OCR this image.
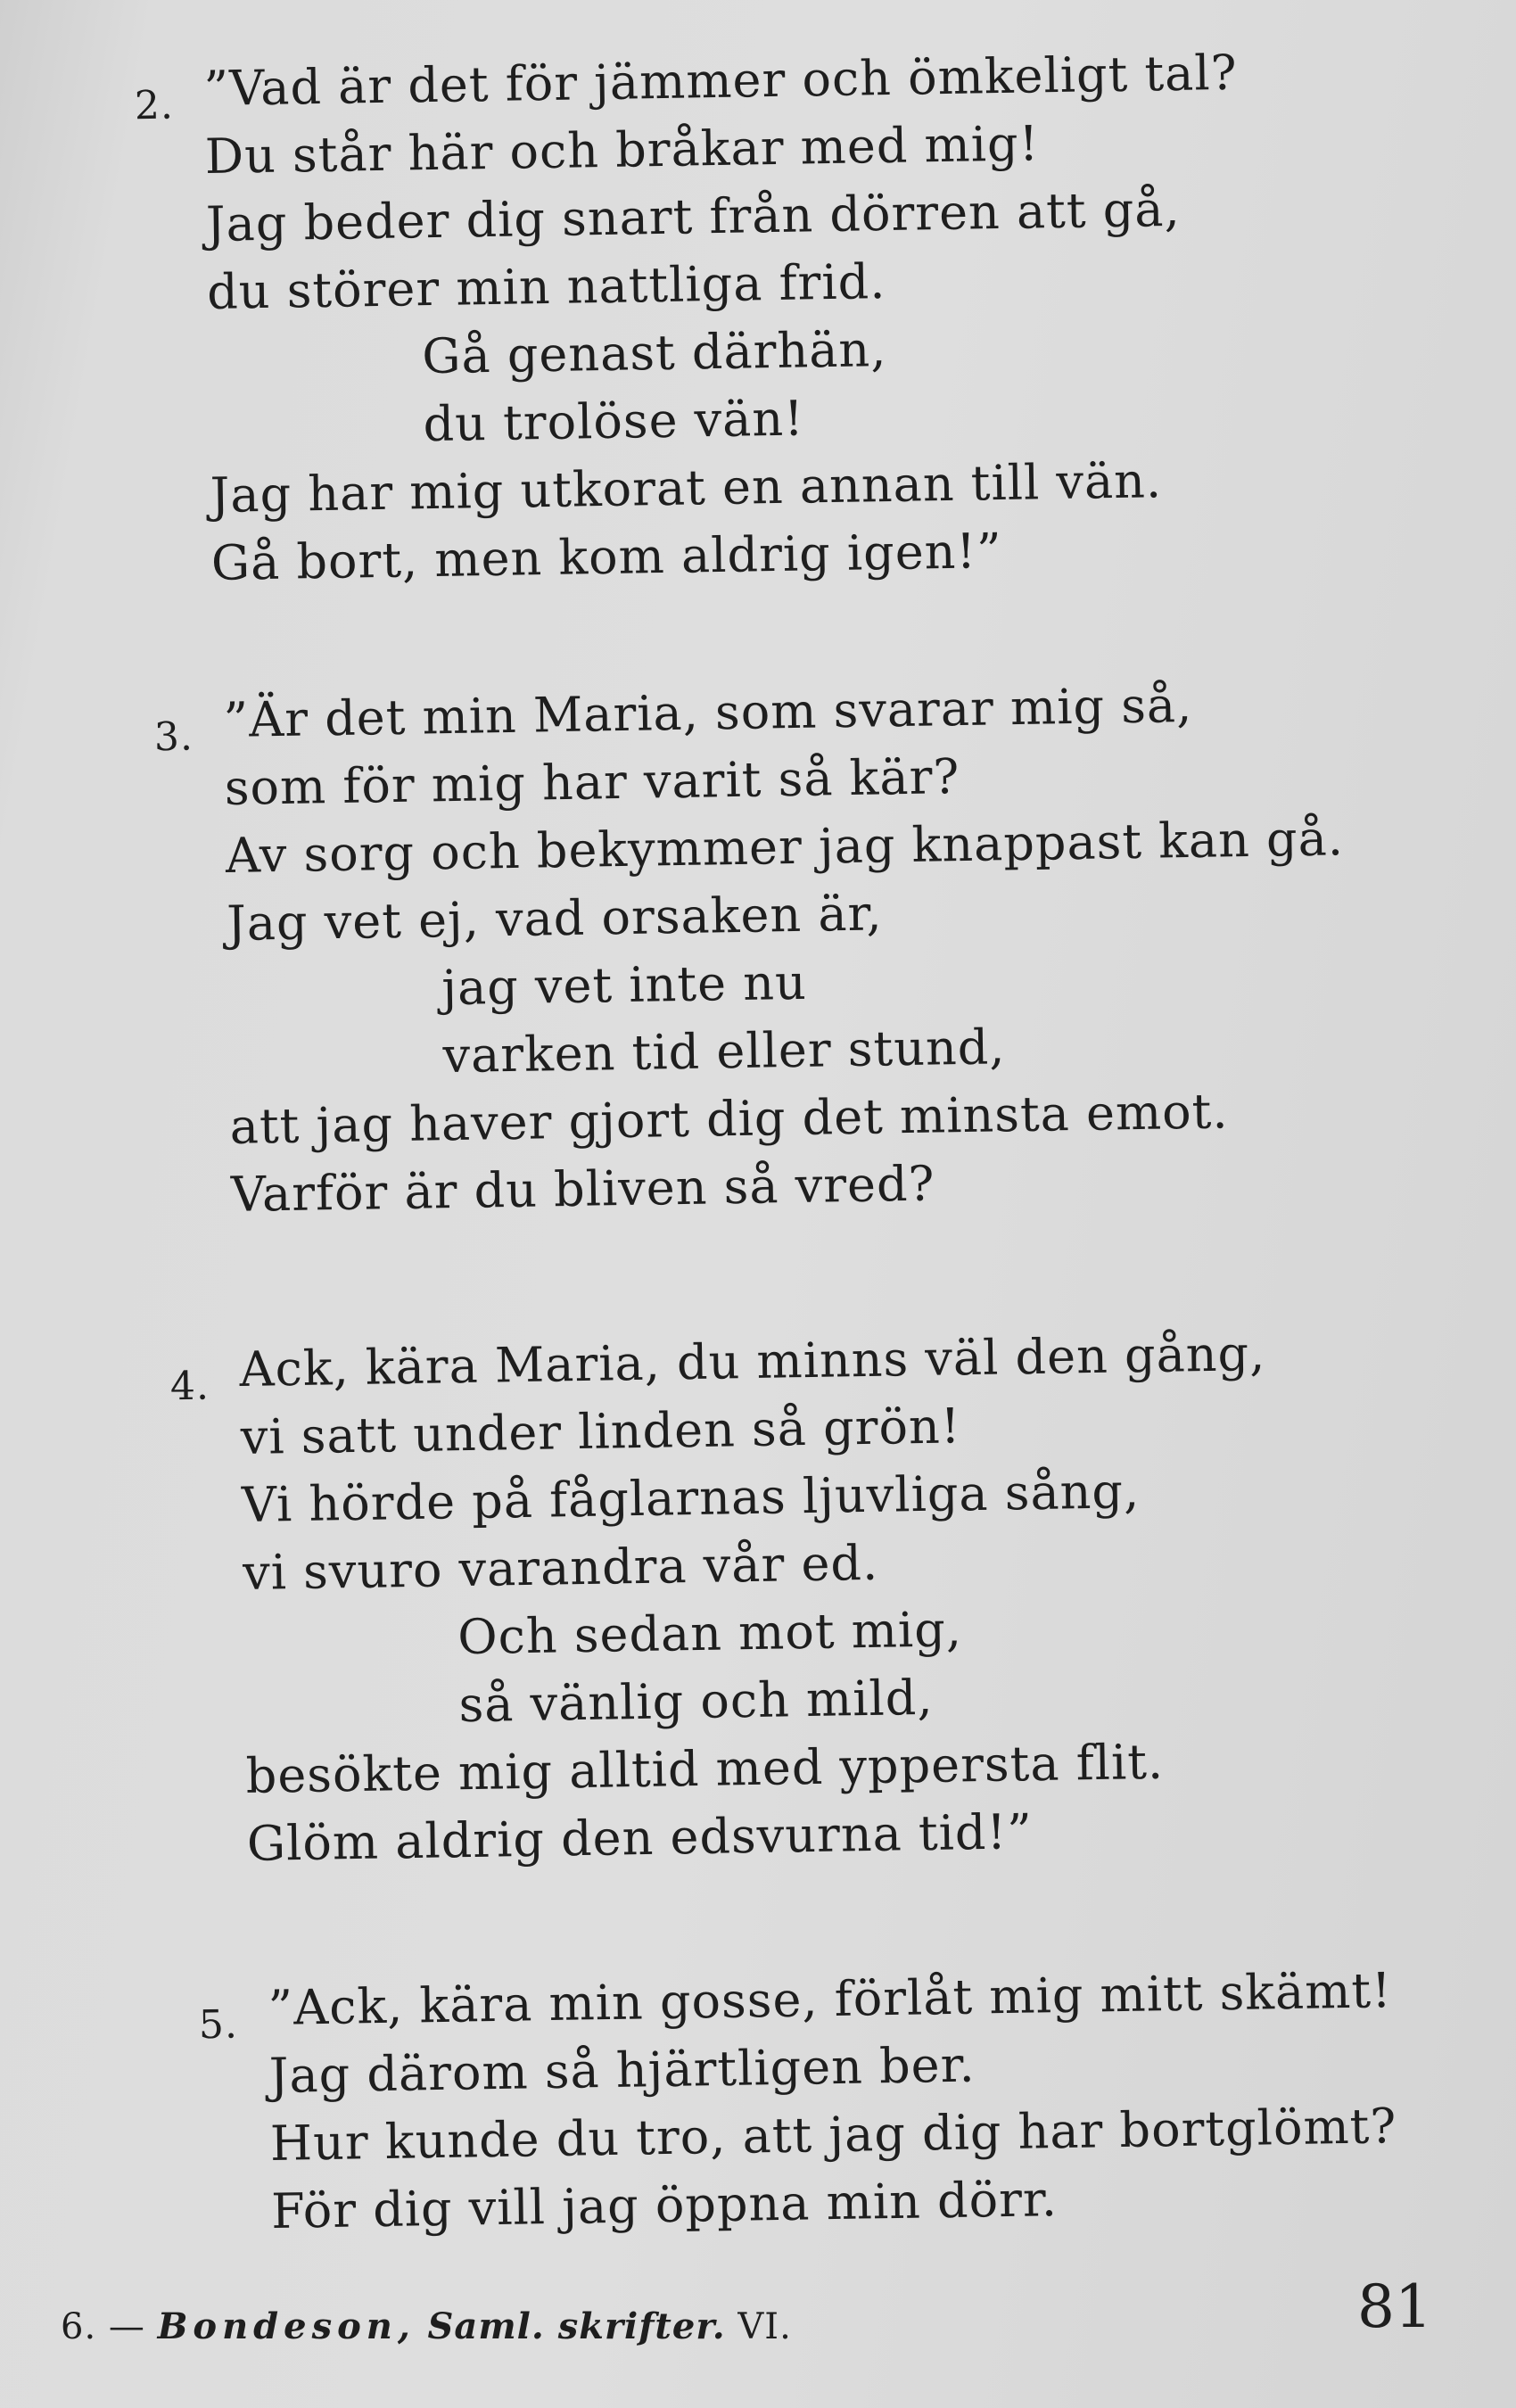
2. ”Vad är det för jämmer och ömkeligt tal?
Du står här och bråkar med mig!
Jag beder dig snart från dörren att gå,
du störer min nattliga frid.
Gå genast därhän,
du trolöse vän!
Jag har mig utkorat en annan till vän.
Gå bort, men kom aldrig igen!”
3. ”Är det min Maria, som svarar mig så,
som för mig har varit så kär?
Av sorg och bekymmer jag knappast kan gå.
Jag vet ej, vad orsaken är,
jag vet inte nu
varken tid eller stund,
att jag haver gjort dig det minsta emot.
Varför är du bliven så vred?
4. Ack, kära Maria, du minns väl den gång,
vi satt under linden så grön!
Vi hörde på fåglarnas ljuvliga sång,
vi svuro varandra vår ed.
Och sedan mot mig,
så vänlig och mild,
besökte mig alltid med yppersta flit.
Glöm aldrig den edsvurna tid!”
5. ”Ack, kära min gosse, förlåt mig mitt skämt!
Jag därom så hjärtligen ber.
Hur kunde du tro, att jag dig har bortglömt?
För dig vill jag öppna min dörr.
6. — Bondeson, Saml. skrifter. VI.	81
